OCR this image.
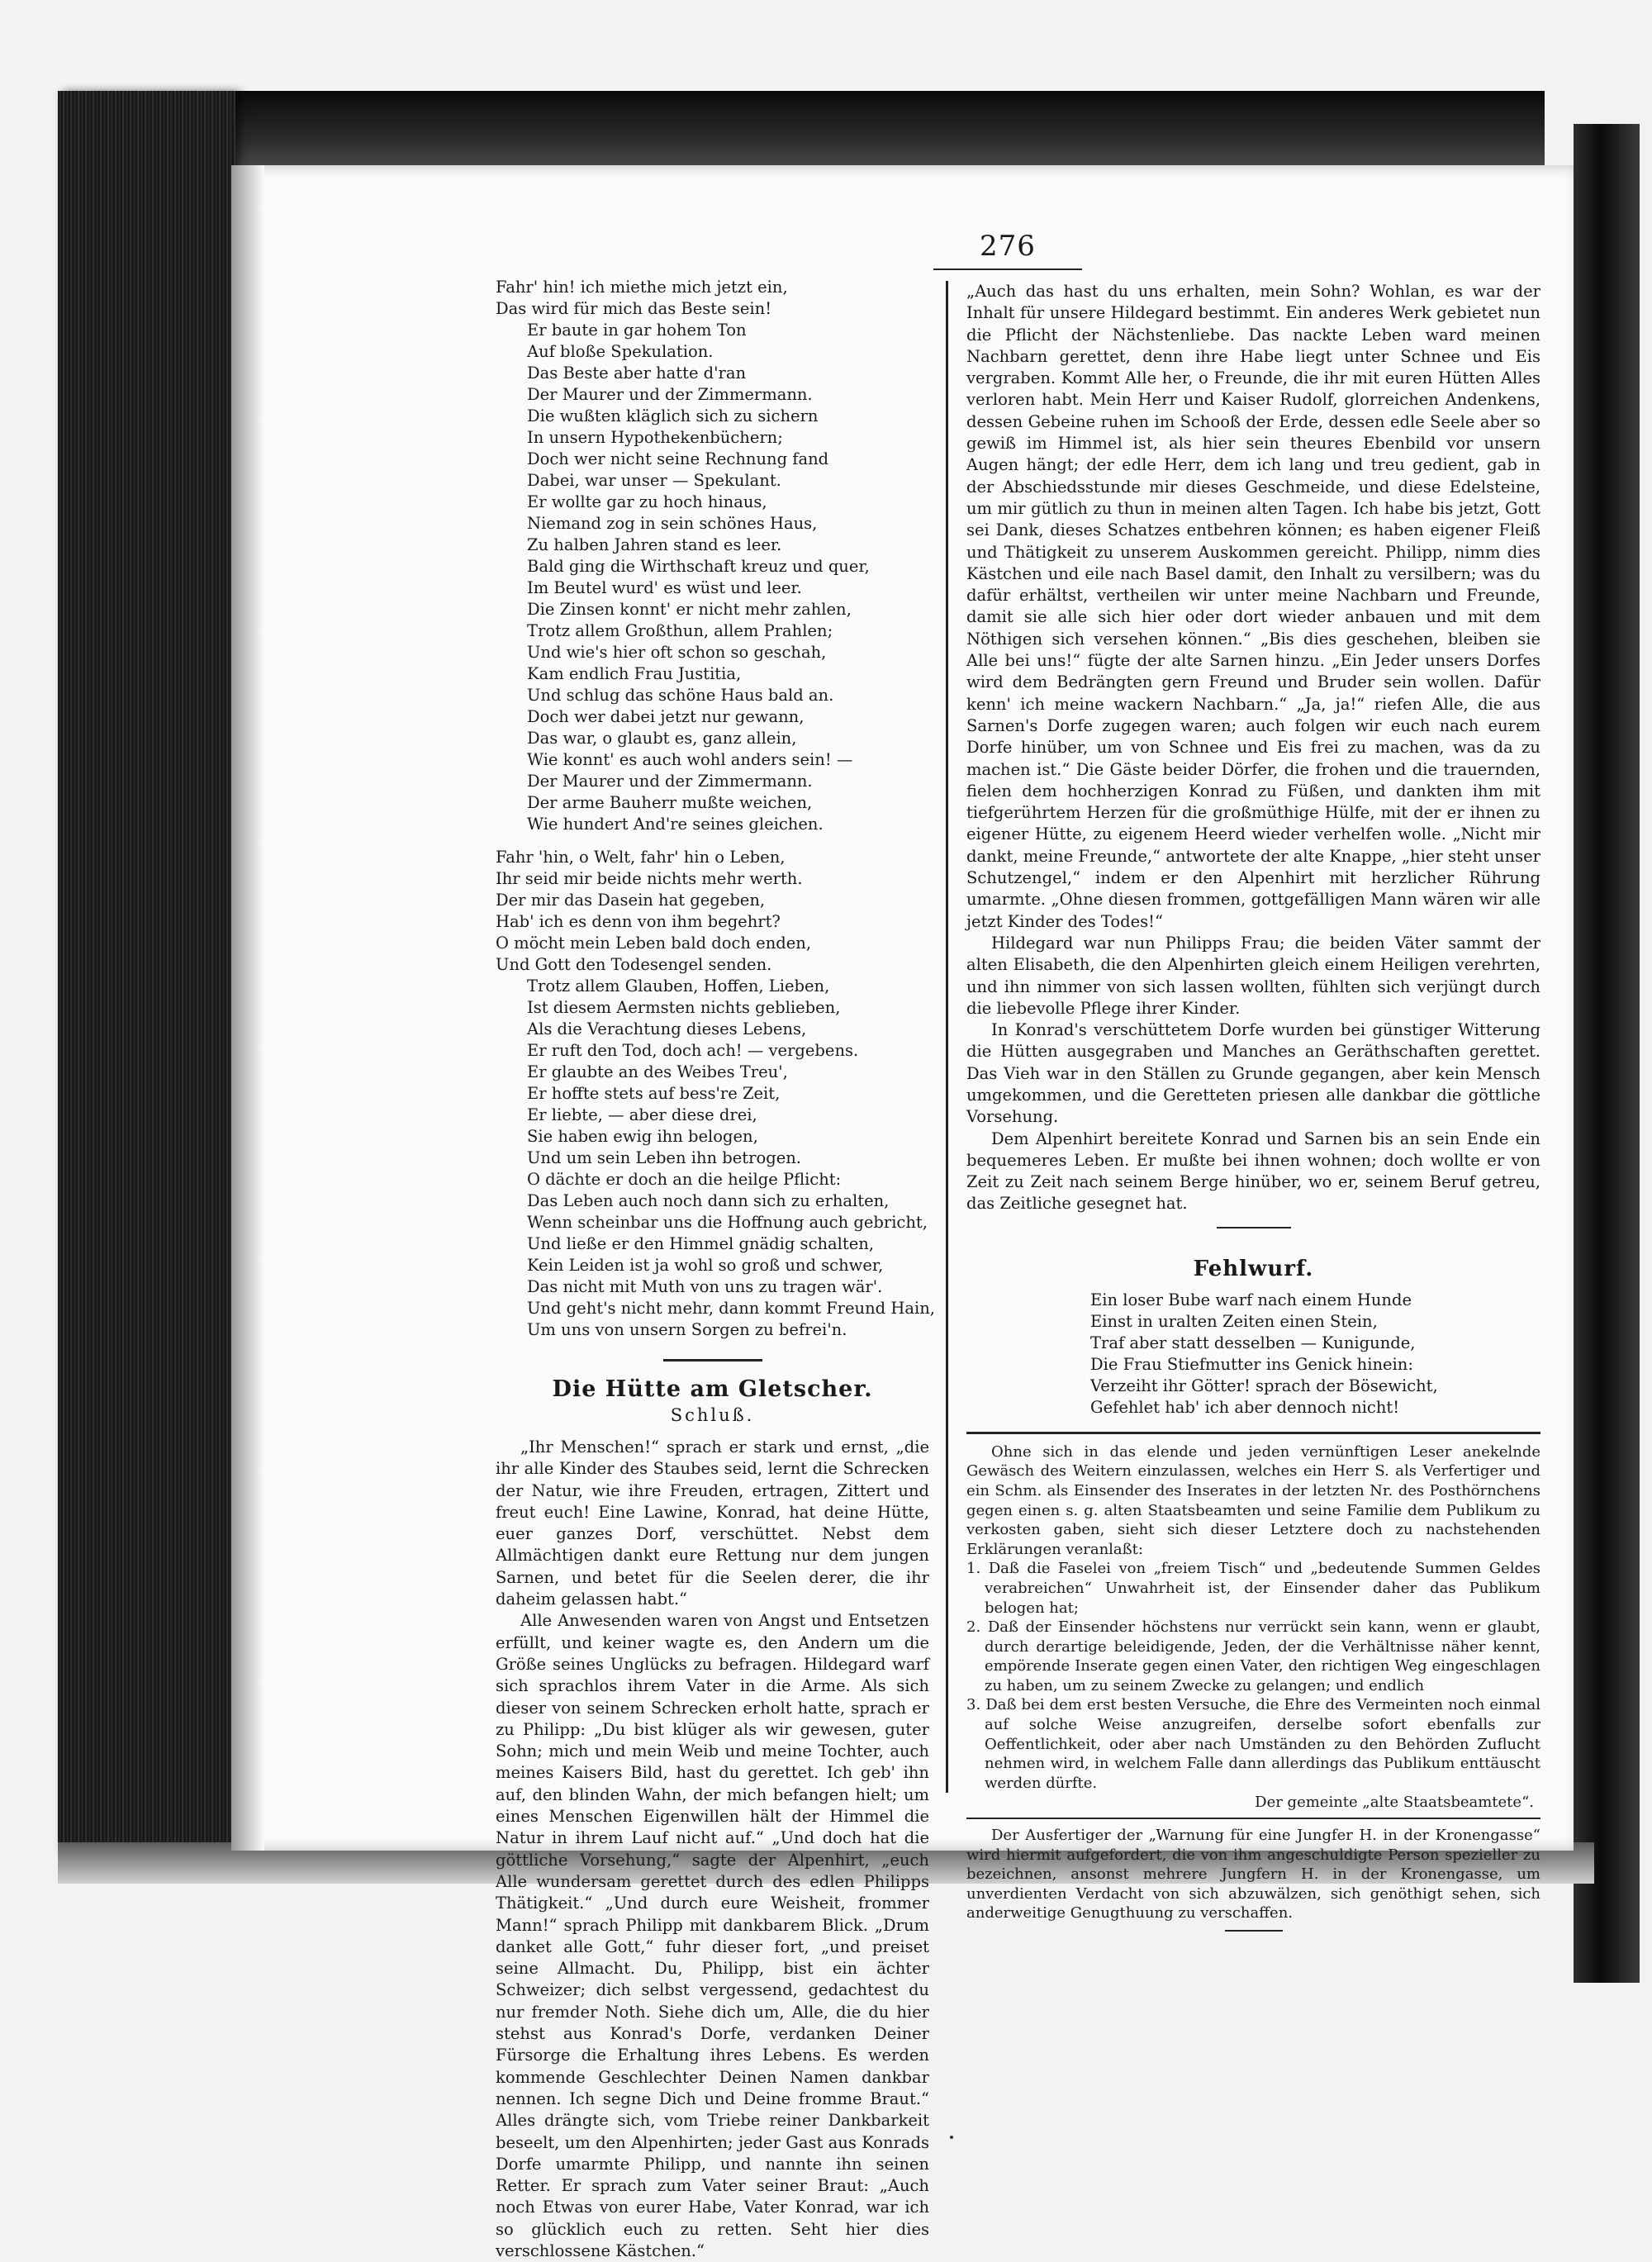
276
Fahr' hin! ich miethe mich jetzt ein,
Das wird für mich das Beste sein!
Er baute in gar hohem Ton
Auf bloße Spekulation.
Das Beste aber hatte d'ran
Der Maurer und der Zimmermann.
Die wußten kläglich sich zu sichern
In unsern Hypothekenbüchern;
Doch wer nicht seine Rechnung fand
Dabei, war unser — Spekulant.
Er wollte gar zu hoch hinaus,
Niemand zog in sein schönes Haus,
Zu halben Jahren stand es leer.
Bald ging die Wirthschaft kreuz und quer,
Im Beutel wurd' es wüst und leer.
Die Zinsen konnt' er nicht mehr zahlen,
Trotz allem Großthun, allem Prahlen;
Und wie's hier oft schon so geschah,
Kam endlich Frau Justitia,
Und schlug das schöne Haus bald an.
Doch wer dabei jetzt nur gewann,
Das war, o glaubt es, ganz allein,
Wie konnt' es auch wohl anders sein! —
Der Maurer und der Zimmermann.
Der arme Bauherr mußte weichen,
Wie hundert And're seines gleichen.
Fahr 'hin, o Welt, fahr' hin o Leben,
Ihr seid mir beide nichts mehr werth.
Der mir das Dasein hat gegeben,
Hab' ich es denn von ihm begehrt?
O möcht mein Leben bald doch enden,
Und Gott den Todesengel senden.
Trotz allem Glauben, Hoffen, Lieben,
Ist diesem Aermsten nichts geblieben,
Als die Verachtung dieses Lebens,
Er ruft den Tod, doch ach! — vergebens.
Er glaubte an des Weibes Treu',
Er hoffte stets auf bess're Zeit,
Er liebte, — aber diese drei,
Sie haben ewig ihn belogen,
Und um sein Leben ihn betrogen.
O dächte er doch an die heilge Pflicht:
Das Leben auch noch dann sich zu erhalten,
Wenn scheinbar uns die Hoffnung auch gebricht,
Und ließe er den Himmel gnädig schalten,
Kein Leiden ist ja wohl so groß und schwer,
Das nicht mit Muth von uns zu tragen wär'.
Und geht's nicht mehr, dann kommt Freund Hain,
Um uns von unsern Sorgen zu befrei'n.
Die Hütte am Gletscher.
Schluß.

„Ihr Menschen!“ sprach er stark und ernst, „die ihr alle Kinder des Staubes seid, lernt die Schrecken der Natur, wie ihre Freuden, ertragen, Zittert und freut euch! Eine Lawine, Konrad, hat deine Hütte, euer ganzes Dorf, verschüttet. Nebst dem Allmächtigen dankt eure Rettung nur dem jungen Sarnen, und betet für die Seelen derer, die ihr daheim gelassen habt.“

Alle Anwesenden waren von Angst und Entsetzen erfüllt, und keiner wagte es, den Andern um die Größe seines Unglücks zu befragen. Hildegard warf sich sprachlos ihrem Vater in die Arme. Als sich dieser von seinem Schrecken erholt hatte, sprach er zu Philipp: „Du bist klüger als wir gewesen, guter Sohn; mich und mein Weib und meine Tochter, auch meines Kaisers Bild, hast du gerettet. Ich geb' ihn auf, den blinden Wahn, der mich befangen hielt; um eines Menschen Eigenwillen hält der Himmel die Natur in ihrem Lauf nicht auf.“ „Und doch hat die göttliche Vorsehung,“ sagte der Alpenhirt, „euch Alle wundersam gerettet durch des edlen Philipps Thätigkeit.“ „Und durch eure Weisheit, frommer Mann!“ sprach Philipp mit dankbarem Blick. „Drum danket alle Gott,“ fuhr dieser fort, „und preiset seine Allmacht. Du, Philipp, bist ein ächter Schweizer; dich selbst vergessend, gedachtest du nur fremder Noth. Siehe dich um, Alle, die du hier stehst aus Konrad's Dorfe, verdanken Deiner Fürsorge die Erhaltung ihres Lebens. Es werden kommende Geschlechter Deinen Namen dankbar nennen. Ich segne Dich und Deine fromme Braut.“ Alles drängte sich, vom Triebe reiner Dankbarkeit beseelt, um den Alpenhirten; jeder Gast aus Konrads Dorfe umarmte Philipp, und nannte ihn seinen Retter. Er sprach zum Vater seiner Braut: „Auch noch Etwas von eurer Habe, Vater Konrad, war ich so glücklich euch zu retten. Seht hier dies verschlossene Kästchen.“

„Auch das hast du uns erhalten, mein Sohn? Wohlan, es war der Inhalt für unsere Hildegard bestimmt. Ein anderes Werk gebietet nun die Pflicht der Nächstenliebe. Das nackte Leben ward meinen Nachbarn gerettet, denn ihre Habe liegt unter Schnee und Eis vergraben. Kommt Alle her, o Freunde, die ihr mit euren Hütten Alles verloren habt. Mein Herr und Kaiser Rudolf, glorreichen Andenkens, dessen Gebeine ruhen im Schooß der Erde, dessen edle Seele aber so gewiß im Himmel ist, als hier sein theures Ebenbild vor unsern Augen hängt; der edle Herr, dem ich lang und treu gedient, gab in der Abschiedsstunde mir dieses Geschmeide, und diese Edelsteine, um mir gütlich zu thun in meinen alten Tagen. Ich habe bis jetzt, Gott sei Dank, dieses Schatzes entbehren können; es haben eigener Fleiß und Thätigkeit zu unserem Auskommen gereicht. Philipp, nimm dies Kästchen und eile nach Basel damit, den Inhalt zu versilbern; was du dafür erhältst, vertheilen wir unter meine Nachbarn und Freunde, damit sie alle sich hier oder dort wieder anbauen und mit dem Nöthigen sich versehen können.“ „Bis dies geschehen, bleiben sie Alle bei uns!“ fügte der alte Sarnen hinzu. „Ein Jeder unsers Dorfes wird dem Bedrängten gern Freund und Bruder sein wollen. Dafür kenn' ich meine wackern Nachbarn.“ „Ja, ja!“ riefen Alle, die aus Sarnen's Dorfe zugegen waren; auch folgen wir euch nach eurem Dorfe hinüber, um von Schnee und Eis frei zu machen, was da zu machen ist.“ Die Gäste beider Dörfer, die frohen und die trauernden, fielen dem hochherzigen Konrad zu Füßen, und dankten ihm mit tiefgerührtem Herzen für die großmüthige Hülfe, mit der er ihnen zu eigener Hütte, zu eigenem Heerd wieder verhelfen wolle. „Nicht mir dankt, meine Freunde,“ antwortete der alte Knappe, „hier steht unser Schutzengel,“ indem er den Alpenhirt mit herzlicher Rührung umarmte. „Ohne diesen frommen, gottgefälligen Mann wären wir alle jetzt Kinder des Todes!“

Hildegard war nun Philipps Frau; die beiden Väter sammt der alten Elisabeth, die den Alpenhirten gleich einem Heiligen verehrten, und ihn nimmer von sich lassen wollten, fühlten sich verjüngt durch die liebevolle Pflege ihrer Kinder.

In Konrad's verschüttetem Dorfe wurden bei günstiger Witterung die Hütten ausgegraben und Manches an Geräthschaften gerettet. Das Vieh war in den Ställen zu Grunde gegangen, aber kein Mensch umgekommen, und die Geretteten priesen alle dankbar die göttliche Vorsehung.

Dem Alpenhirt bereitete Konrad und Sarnen bis an sein Ende ein bequemeres Leben. Er mußte bei ihnen wohnen; doch wollte er von Zeit zu Zeit nach seinem Berge hinüber, wo er, seinem Beruf getreu, das Zeitliche gesegnet hat.

Fehlwurf.
Ein loser Bube warf nach einem Hunde
Einst in uralten Zeiten einen Stein,
Traf aber statt desselben — Kunigunde,
Die Frau Stiefmutter ins Genick hinein:
Verzeiht ihr Götter! sprach der Bösewicht,
Gefehlet hab' ich aber dennoch nicht!

Ohne sich in das elende und jeden vernünftigen Leser anekelnde Gewäsch des Weitern einzulassen, welches ein Herr S. als Verfertiger und ein Schm. als Einsender des Inserates in der letzten Nr. des Posthörnchens gegen einen s. g. alten Staatsbeamten und seine Familie dem Publikum zu verkosten gaben, sieht sich dieser Letztere doch zu nachstehenden Erklärungen veranlaßt:

1. Daß die Faselei von „freiem Tisch“ und „bedeutende Summen Geldes verabreichen“ Unwahrheit ist, der Einsender daher das Publikum belogen hat;
2. Daß der Einsender höchstens nur verrückt sein kann, wenn er glaubt, durch derartige beleidigende, Jeden, der die Verhältnisse näher kennt, empörende Inserate gegen einen Vater, den richtigen Weg eingeschlagen zu haben, um zu seinem Zwecke zu gelangen; und endlich
3. Daß bei dem erst besten Versuche, die Ehre des Vermeinten noch einmal auf solche Weise anzugreifen, derselbe sofort ebenfalls zur Oeffentlichkeit, oder aber nach Umständen zu den Behörden Zuflucht nehmen wird, in welchem Falle dann allerdings das Publikum enttäuscht werden dürfte.
Der gemeinte „alte Staatsbeamtete“.

Der Ausfertiger der „Warnung für eine Jungfer H. in der Kronengasse“ wird hiermit aufgefordert, die von ihm angeschuldigte Person spezieller zu bezeichnen, ansonst mehrere Jungfern H. in der Kronengasse, um unverdienten Verdacht von sich abzuwälzen, sich genöthigt sehen, sich anderweitige Genugthuung zu verschaffen.
